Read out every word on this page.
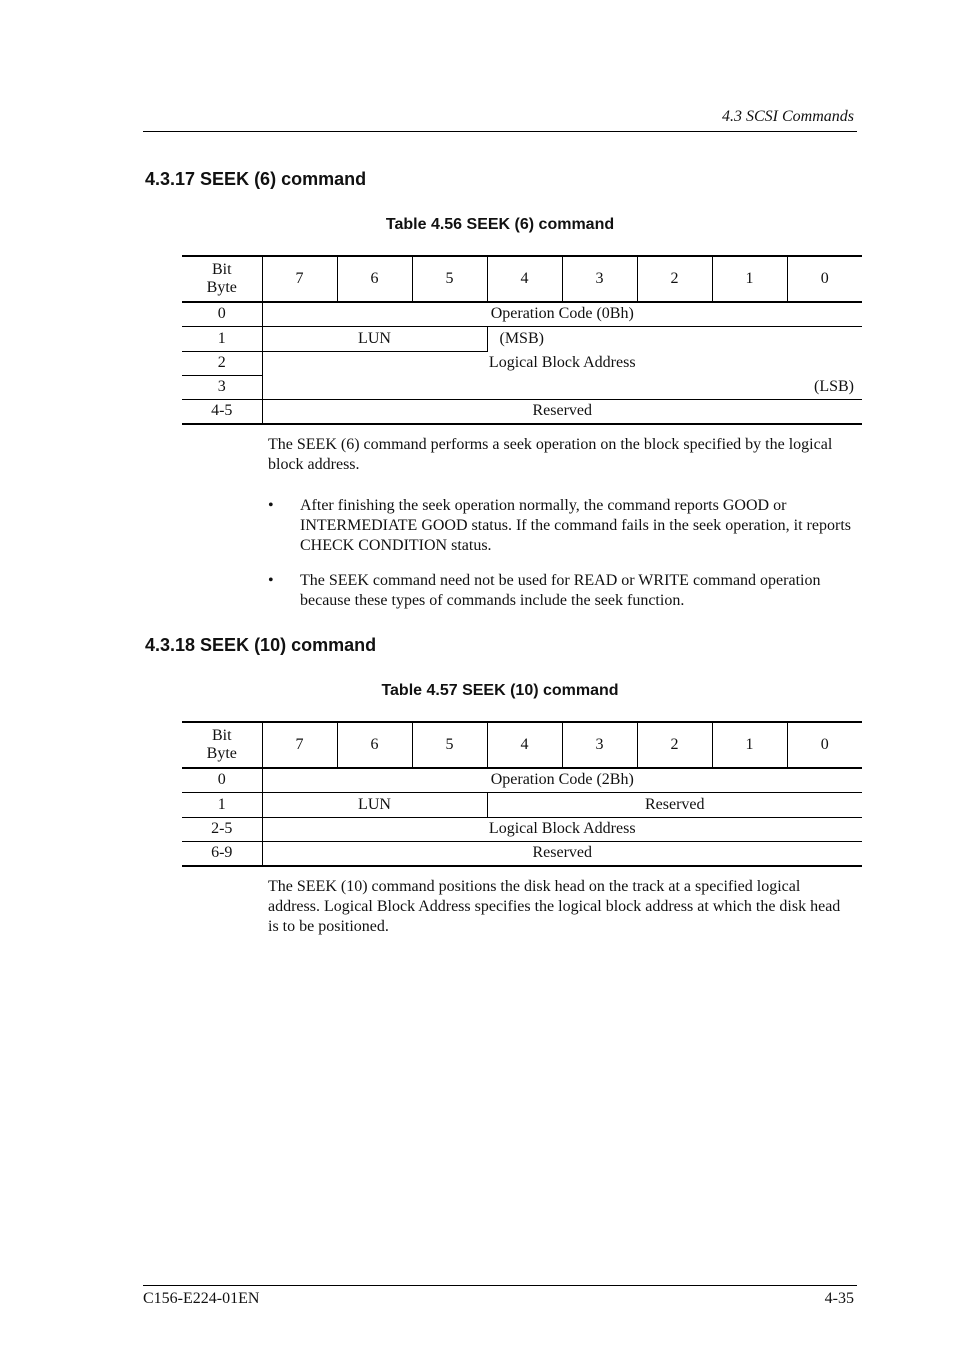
4.3 SCSI Commands
4.3.17 SEEK (6) command
Table 4.56 SEEK (6) command
Bit
Byte	7	6	5	4	3	2	1	0
0	Operation Code (0Bh)							
1	LUN			(MSB)				
2	Logical Block Address							
3	(LSB)							
4-5	Reserved							
The SEEK (6) command performs a seek operation on the block specified by the logical block address.
• After finishing the seek operation normally, the command reports GOOD or INTERMEDIATE GOOD status. If the command fails in the seek operation, it reports CHECK CONDITION status.
• The SEEK command need not be used for READ or WRITE command operation because these types of commands include the seek function.
4.3.18 SEEK (10) command
Table 4.57 SEEK (10) command
Bit
Byte	7	6	5	4	3	2	1	0
0	Operation Code (2Bh)							
1	LUN			Reserved				
2-5	Logical Block Address							
6-9	Reserved							
The SEEK (10) command positions the disk head on the track at a specified logical address. Logical Block Address specifies the logical block address at which the disk head is to be positioned.
C156-E224-01EN	4-35
